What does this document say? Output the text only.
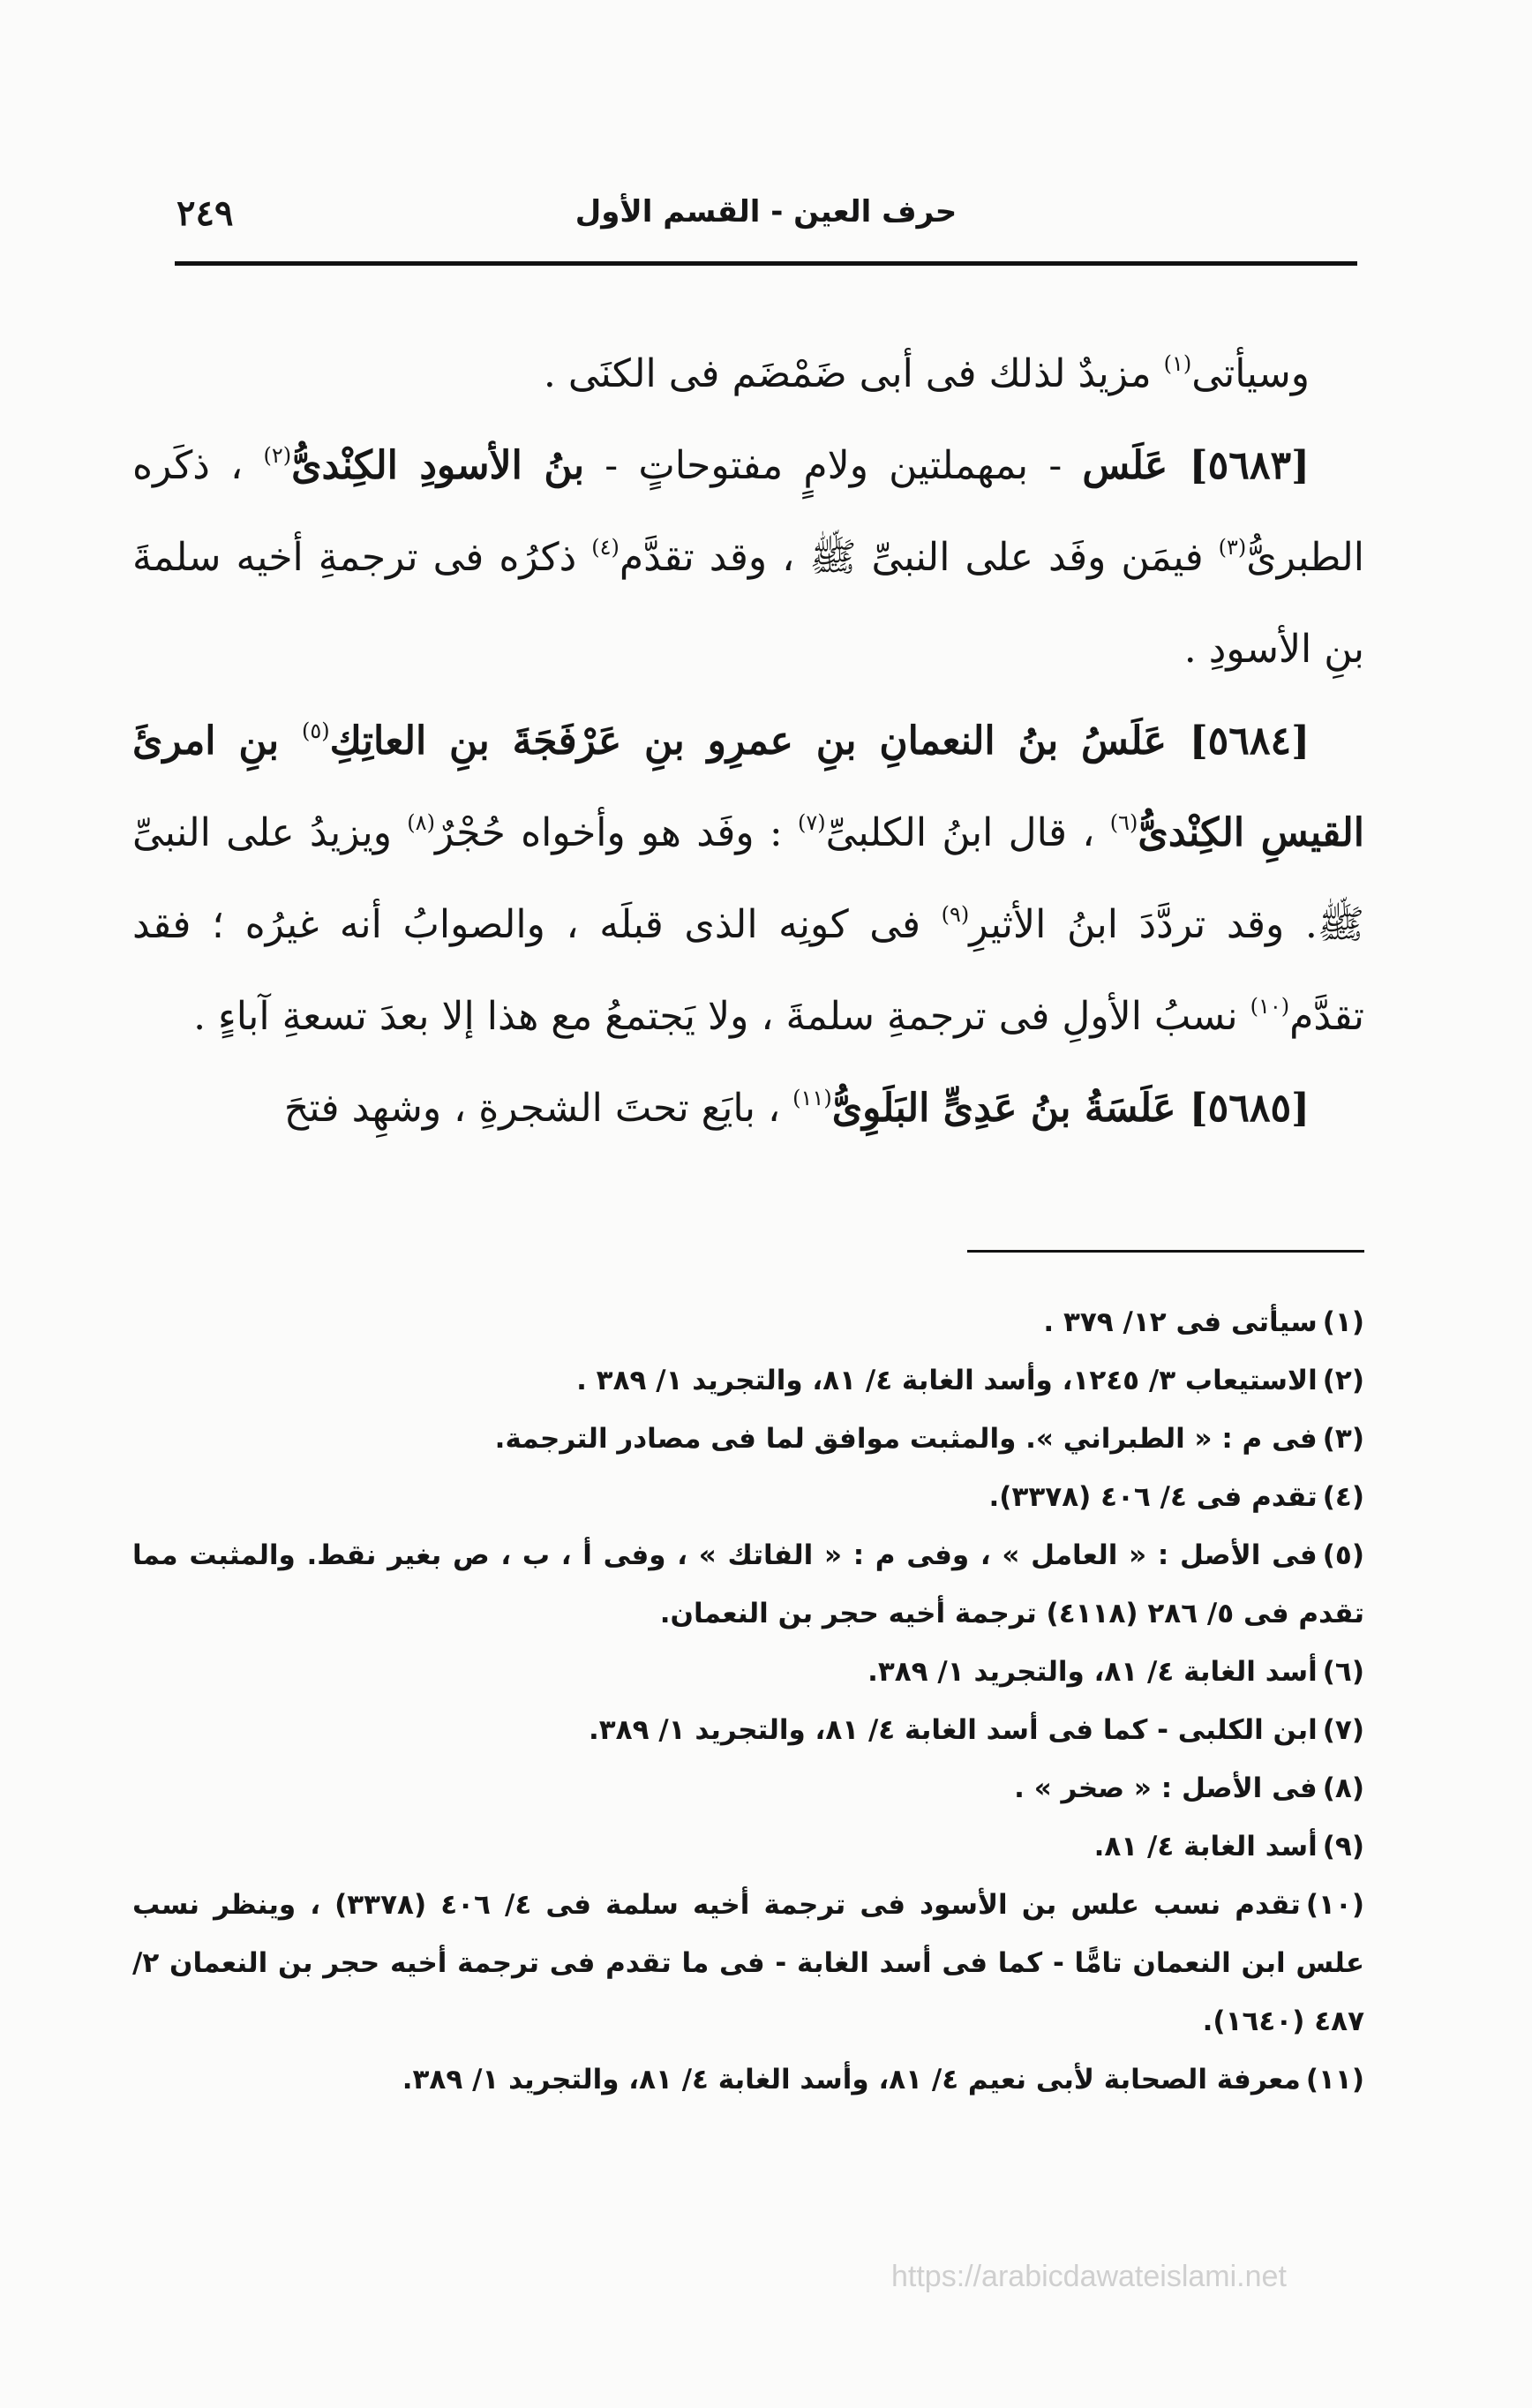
حرف العين - القسم الأول
٢٤٩

وسيأتى$^{(١)}$ مزيدٌ لذلك فى أبى ضَمْضَم فى الكنَى .

[٥٦٨٣] عَلَس - بمهملتين ولامٍ مفتوحاتٍ - بنُ الأسودِ الكِنْدىُّ$^{(٢)}$ ، ذكَره الطبرىُّ$^{(٣)}$ فيمَن وفَد على النبىِّ ﷺ ، وقد تقدَّم$^{(٤)}$ ذكرُه فى ترجمةِ أخيه سلمةَ بنِ الأسودِ .

[٥٦٨٤] عَلَسُ بنُ النعمانِ بنِ عمرِو بنِ عَرْفَجَةَ بنِ العاتِكِ$^{(٥)}$ بنِ امرئَ القيسِ الكِنْدىُّ$^{(٦)}$ ، قال ابنُ الكلبىِّ$^{(٧)}$ : وفَد هو وأخواه حُجْرٌ$^{(٨)}$ ويزيدُ على النبىِّ ﷺ. وقد تردَّدَ ابنُ الأثيرِ$^{(٩)}$ فى كونِه الذى قبلَه ، والصوابُ أنه غيرُه ؛ فقد تقدَّم$^{(١٠)}$ نسبُ الأولِ فى ترجمةِ سلمةَ ، ولا يَجتمعُ مع هذا إلا بعدَ تسعةِ آباءٍ .

[٥٦٨٥] عَلَسَةُ بنُ عَدِىٍّ البَلَوِىُّ$^{(١١)}$ ، بايَع تحتَ الشجرةِ ، وشهِد فتحَ

(١)سيأتى فى ١٢/ ٣٧٩ .

(٢)الاستيعاب ٣/ ١٢٤٥، وأسد الغابة ٤/ ٨١، والتجريد ١/ ٣٨٩ .

(٣)فى م : « الطبراني ». والمثبت موافق لما فى مصادر الترجمة.

(٤)تقدم فى ٤/ ٤٠٦ (٣٣٧٨).

(٥)فى الأصل : « العامل » ، وفى م : « الفاتك » ، وفى أ ، ب ، ص بغير نقط. والمثبت مما تقدم فى ٥/ ٢٨٦ (٤١١٨) ترجمة أخيه حجر بن النعمان.

(٦)أسد الغابة ٤/ ٨١، والتجريد ١/ ٣٨٩.

(٧)ابن الكلبى - كما فى أسد الغابة ٤/ ٨١، والتجريد ١/ ٣٨٩.

(٨)فى الأصل : « صخر » .

(٩)أسد الغابة ٤/ ٨١.

(١٠)تقدم نسب علس بن الأسود فى ترجمة أخيه سلمة فى ٤/ ٤٠٦ (٣٣٧٨) ، وينظر نسب علس ابن النعمان تامًّا - كما فى أسد الغابة - فى ما تقدم فى ترجمة أخيه حجر بن النعمان ٢/ ٤٨٧ (١٦٤٠).

(١١)معرفة الصحابة لأبى نعيم ٤/ ٨١، وأسد الغابة ٤/ ٨١، والتجريد ١/ ٣٨٩.

https://arabicdawateislami.net
